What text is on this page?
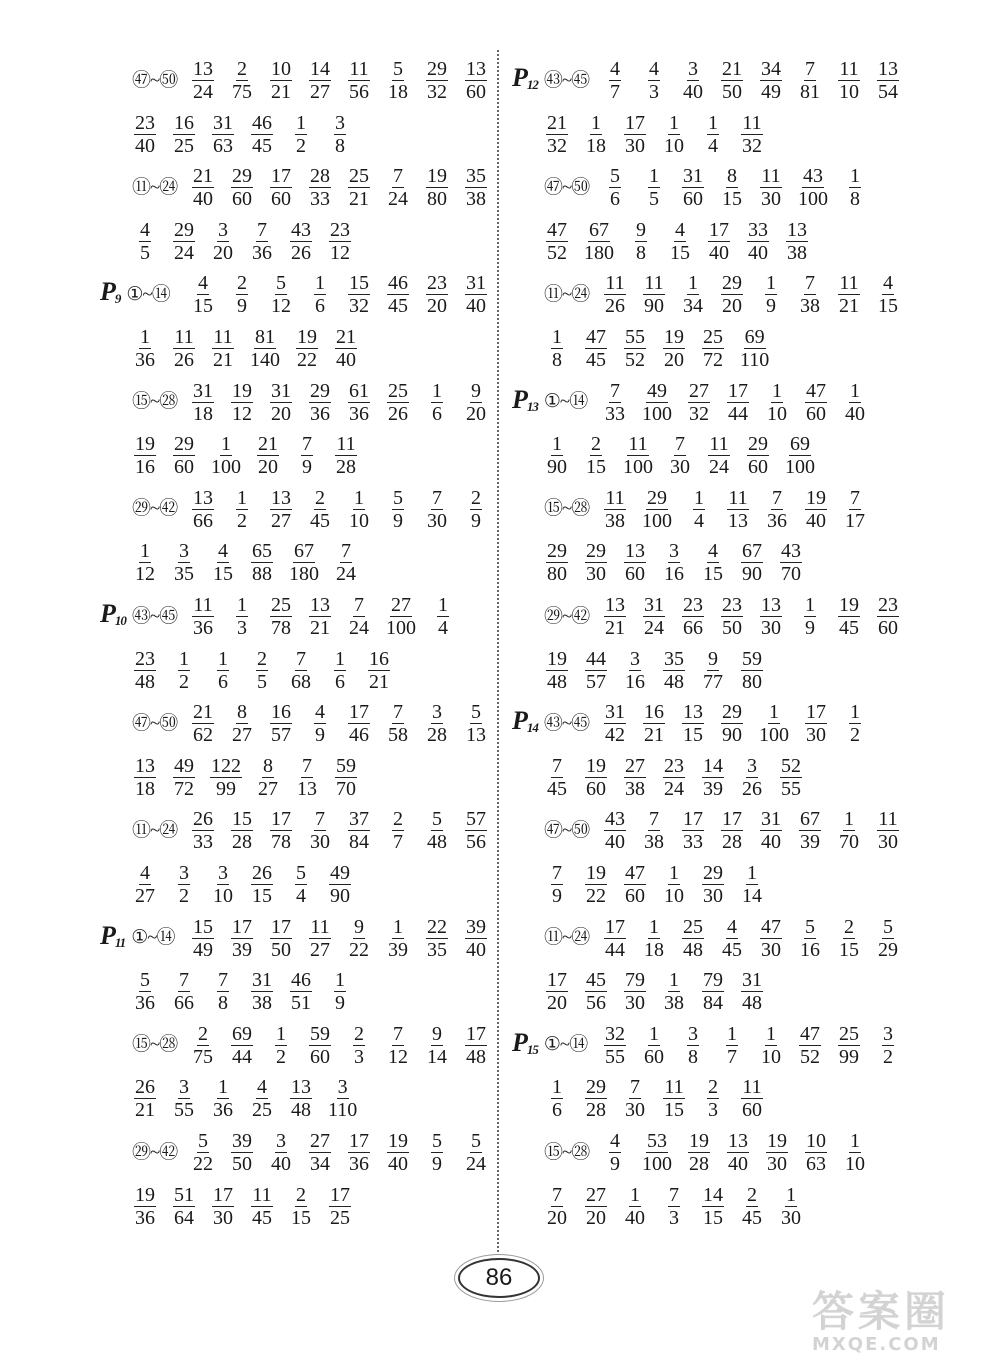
㊼~㊿ $\frac{13}{24} \frac{2}{75} \frac{10}{21} \frac{14}{27} \frac{11}{56} \frac{5}{18} \frac{29}{32} \frac{13}{60}$
$\frac{23}{40} \frac{16}{25} \frac{31}{63} \frac{46}{45} \frac{1}{2} \frac{3}{8}$
⑪~㉔ $\frac{21}{40} \frac{29}{60} \frac{17}{60} \frac{28}{33} \frac{25}{21} \frac{7}{24} \frac{19}{80} \frac{35}{38}$
$\frac{4}{5} \frac{29}{24} \frac{3}{20} \frac{7}{36} \frac{43}{26} \frac{23}{12}$
$P_9$ ①~⑭ $\frac{4}{15} \frac{2}{9} \frac{5}{12} \frac{1}{6} \frac{15}{32} \frac{46}{45} \frac{23}{20} \frac{31}{40}$
$\frac{1}{36} \frac{11}{26} \frac{11}{21} \frac{81}{140} \frac{19}{22} \frac{21}{40}$
⑮~㉘ $\frac{31}{18} \frac{19}{12} \frac{31}{20} \frac{29}{36} \frac{61}{36} \frac{25}{26} \frac{1}{6} \frac{9}{20}$
$\frac{19}{16} \frac{29}{60} \frac{1}{100} \frac{21}{20} \frac{7}{9} \frac{11}{28}$
㉙~㊷ $\frac{13}{66} \frac{1}{2} \frac{13}{27} \frac{2}{45} \frac{1}{10} \frac{5}{9} \frac{7}{30} \frac{2}{9}$
$\frac{1}{12} \frac{3}{35} \frac{4}{15} \frac{65}{88} \frac{67}{180} \frac{7}{24}$
$P_{10}$ ㊸~㊺ $\frac{11}{36} \frac{1}{3} \frac{25}{78} \frac{13}{21} \frac{7}{24} \frac{27}{100} \frac{1}{4}$
$\frac{23}{48} \frac{1}{2} \frac{1}{6} \frac{2}{5} \frac{7}{68} \frac{1}{6} \frac{16}{21}$
㊼~㊿ $\frac{21}{62} \frac{8}{27} \frac{16}{57} \frac{4}{9} \frac{17}{46} \frac{7}{58} \frac{3}{28} \frac{5}{13}$
$\frac{13}{18} \frac{49}{72} \frac{122}{99} \frac{8}{27} \frac{7}{13} \frac{59}{70}$
⑪~㉔ $\frac{26}{33} \frac{15}{28} \frac{17}{78} \frac{7}{30} \frac{37}{84} \frac{2}{7} \frac{5}{48} \frac{57}{56}$
$\frac{4}{27} \frac{3}{2} \frac{3}{10} \frac{26}{15} \frac{5}{4} \frac{49}{90}$
$P_{11}$ ①~⑭ $\frac{15}{49} \frac{17}{39} \frac{17}{50} \frac{11}{27} \frac{9}{22} \frac{1}{39} \frac{22}{35} \frac{39}{40}$
$\frac{5}{36} \frac{7}{66} \frac{7}{8} \frac{31}{38} \frac{46}{51} \frac{1}{9}$
⑮~㉘ $\frac{2}{75} \frac{69}{44} \frac{1}{2} \frac{59}{60} \frac{2}{3} \frac{7}{12} \frac{9}{14} \frac{17}{48}$
$\frac{26}{21} \frac{3}{55} \frac{1}{36} \frac{4}{25} \frac{13}{48} \frac{3}{110}$
㉙~㊷ $\frac{5}{22} \frac{39}{50} \frac{3}{40} \frac{27}{34} \frac{17}{36} \frac{19}{40} \frac{5}{9} \frac{5}{24}$
$\frac{19}{36} \frac{51}{64} \frac{17}{30} \frac{11}{45} \frac{2}{15} \frac{17}{25}$
$P_{12}$ ㊸~㊺ $\frac{4}{7} \frac{4}{3} \frac{3}{40} \frac{21}{50} \frac{34}{49} \frac{7}{81} \frac{11}{10} \frac{13}{54}$
$\frac{21}{32} \frac{1}{18} \frac{17}{30} \frac{1}{10} \frac{1}{4} \frac{11}{32}$
㊼~㊿ $\frac{5}{6} \frac{1}{5} \frac{31}{60} \frac{8}{15} \frac{11}{30} \frac{43}{100} \frac{1}{8}$
$\frac{47}{52} \frac{67}{180} \frac{9}{8} \frac{4}{15} \frac{17}{40} \frac{33}{40} \frac{13}{38}$
⑪~㉔ $\frac{11}{26} \frac{11}{90} \frac{1}{34} \frac{29}{20} \frac{1}{9} \frac{7}{38} \frac{11}{21} \frac{4}{15}$
$\frac{1}{8} \frac{47}{45} \frac{55}{52} \frac{19}{20} \frac{25}{72} \frac{69}{110}$
$P_{13}$ ①~⑭ $\frac{7}{33} \frac{49}{100} \frac{27}{32} \frac{17}{44} \frac{1}{10} \frac{47}{60} \frac{1}{40}$
$\frac{1}{90} \frac{2}{15} \frac{11}{100} \frac{7}{30} \frac{11}{24} \frac{29}{60} \frac{69}{100}$
⑮~㉘ $\frac{11}{38} \frac{29}{100} \frac{1}{4} \frac{11}{13} \frac{7}{36} \frac{19}{40} \frac{7}{17}$
$\frac{29}{80} \frac{29}{30} \frac{13}{60} \frac{3}{16} \frac{4}{15} \frac{67}{90} \frac{43}{70}$
㉙~㊷ $\frac{13}{21} \frac{31}{24} \frac{23}{66} \frac{23}{50} \frac{13}{30} \frac{1}{9} \frac{19}{45} \frac{23}{60}$
$\frac{19}{48} \frac{44}{57} \frac{3}{16} \frac{35}{48} \frac{9}{77} \frac{59}{80}$
$P_{14}$ ㊸~㊺ $\frac{31}{42} \frac{16}{21} \frac{13}{15} \frac{29}{90} \frac{1}{100} \frac{17}{30} \frac{1}{2}$
$\frac{7}{45} \frac{19}{60} \frac{27}{38} \frac{23}{24} \frac{14}{39} \frac{3}{26} \frac{52}{55}$
㊼~㊿ $\frac{43}{40} \frac{7}{38} \frac{17}{33} \frac{17}{28} \frac{31}{40} \frac{67}{39} \frac{1}{70} \frac{11}{30}$
$\frac{7}{9} \frac{19}{22} \frac{47}{60} \frac{1}{10} \frac{29}{30} \frac{1}{14}$
⑪~㉔ $\frac{17}{44} \frac{1}{18} \frac{25}{48} \frac{4}{45} \frac{47}{30} \frac{5}{16} \frac{2}{15} \frac{5}{29}$
$\frac{17}{20} \frac{45}{56} \frac{79}{30} \frac{1}{38} \frac{79}{84} \frac{31}{48}$
$P_{15}$ ①~⑭ $\frac{32}{55} \frac{1}{60} \frac{3}{8} \frac{1}{7} \frac{1}{10} \frac{47}{52} \frac{25}{99} \frac{3}{2}$
$\frac{1}{6} \frac{29}{28} \frac{7}{30} \frac{11}{15} \frac{2}{3} \frac{11}{60}$
⑮~㉘ $\frac{4}{9} \frac{53}{100} \frac{19}{28} \frac{13}{40} \frac{19}{30} \frac{10}{63} \frac{1}{10}$
$\frac{7}{20} \frac{27}{20} \frac{1}{40} \frac{7}{3} \frac{14}{15} \frac{2}{45} \frac{1}{30}$
86
答案圈
MXQE.COM
